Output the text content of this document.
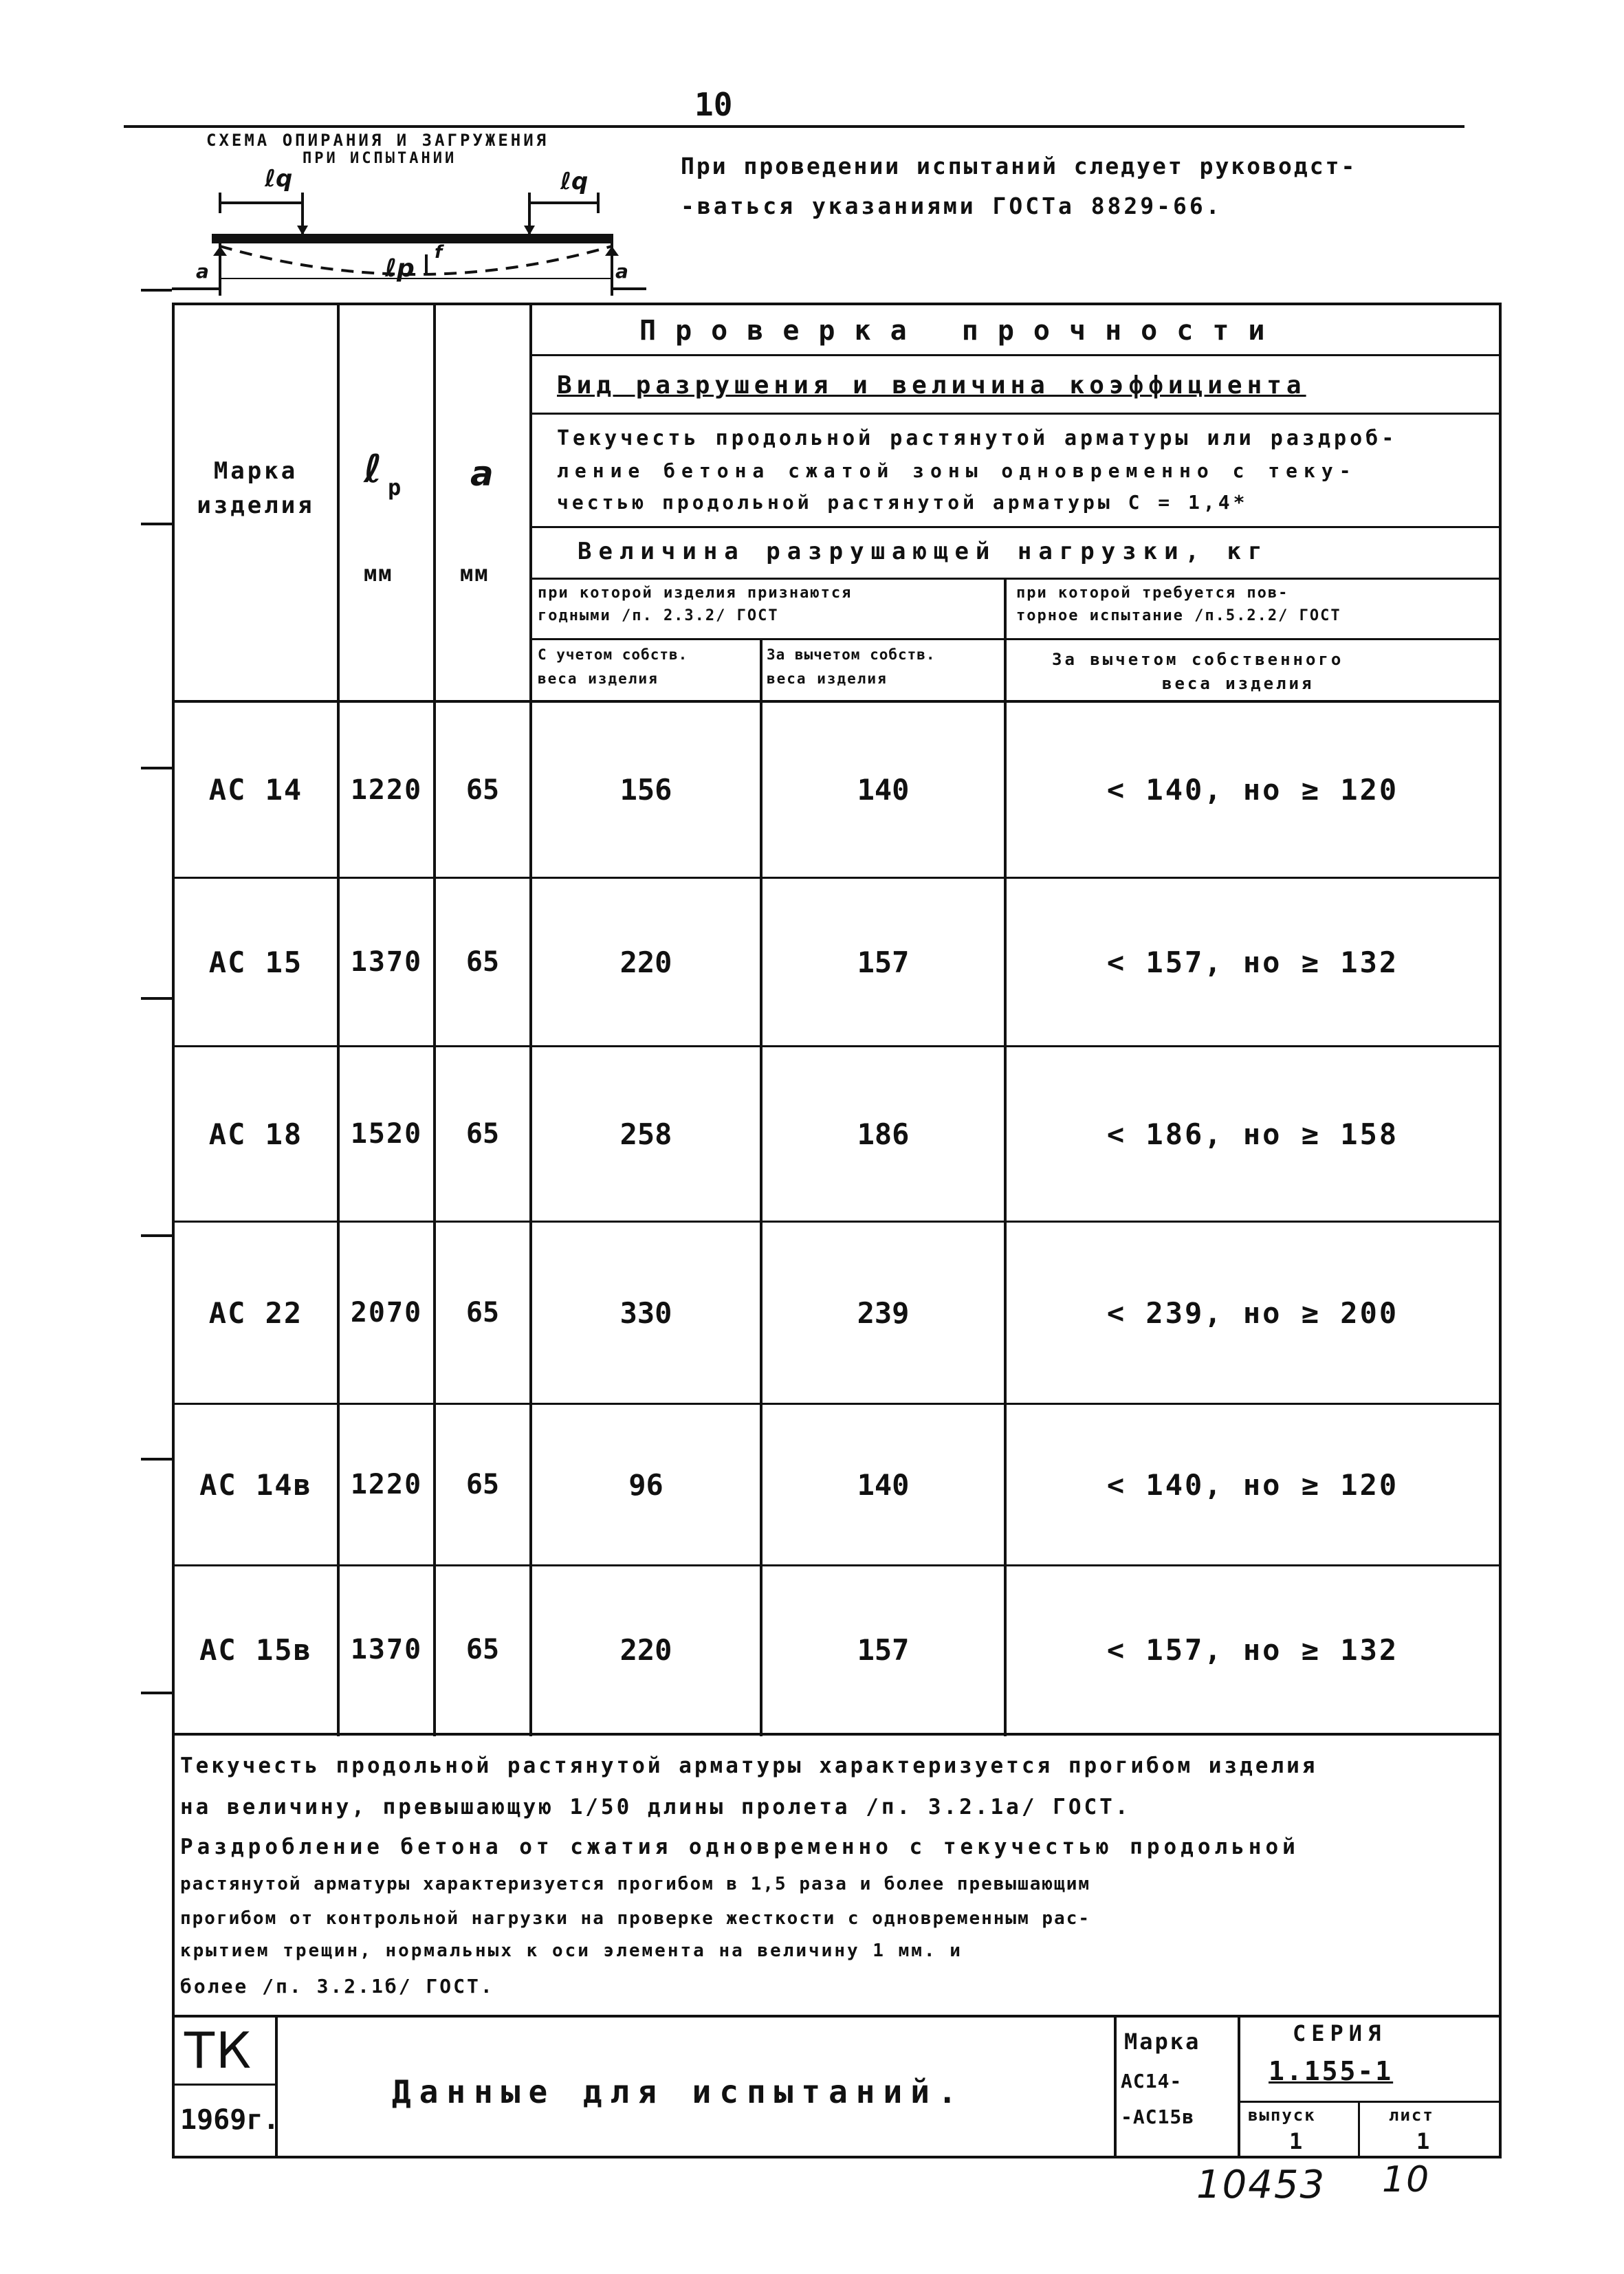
10
СХЕМА ОПИРАНИЯ И ЗАГРУЖЕНИЯ
ПРИ ИСПЫТАНИИ
ℓq	ℓq
ℓp
f
a	a
При проведении испытаний следует руководст-
-ваться указаниями ГОСТа 8829-66.
Марка изделия
ℓ р
мм
a
мм
Проверка прочности
Вид разрушения и величина коэффициента
Текучесть продольной растянутой арматуры или раздроб-
ление бетона сжатой зоны одновременно с теку-
честью продольной растянутой арматуры C = 1,4*
Величина разрушающей нагрузки, кг
при которой изделия признаются
годными /п. 2.3.2/ ГОСТ
при которой требуется пов-
торное испытание /п.5.2.2/ ГОСТ
С учетом собств.
веса изделия
За вычетом собств.
веса изделия
За вычетом собственного
веса изделия
АС 14	1220	65	156	140	< 140, но ≥ 120
АС 15	1370	65	220	157	< 157, но ≥ 132
АС 18	1520	65	258	186	< 186, но ≥ 158
АС 22	2070	65	330	239	< 239, но ≥ 200
АС 14в	1220	65	96	140	< 140, но ≥ 120
АС 15в	1370	65	220	157	< 157, но ≥ 132
Текучесть продольной растянутой арматуры характеризуется прогибом изделия
на величину, превышающую 1/50 длины пролета /п. 3.2.1а/ ГОСТ.
Раздробление бетона от сжатия одновременно с текучестью продольной
растянутой арматуры характеризуется прогибом в 1,5 раза и более превышающим
прогибом от контрольной нагрузки на проверке жесткости с одновременным рас-
крытием трещин, нормальных к оси элемента на величину 1 мм. и
более /п. 3.2.1б/ ГОСТ.
ТК
1969г.
Данные для испытаний.
Марка
АС14-
-АС15в
СЕРИЯ
1.155-1
выпуск
1
лист
1
10453 10
